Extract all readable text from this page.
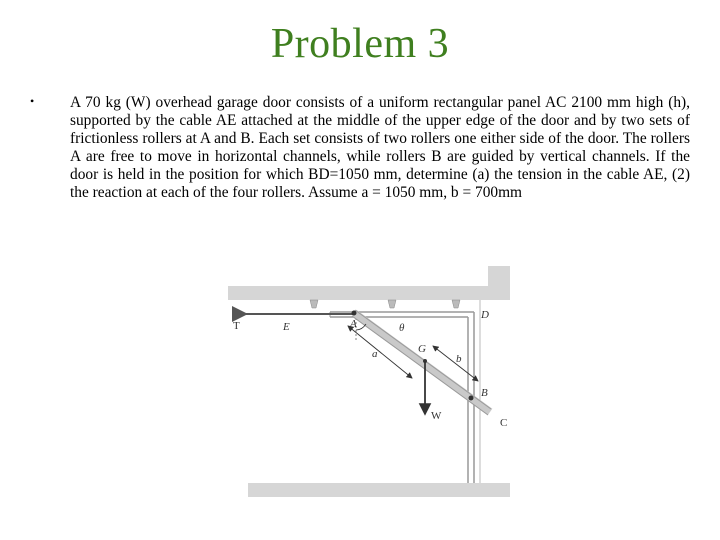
Problem 3
• A 70 kg (W) overhead garage door consists of a uniform rectangular panel AC 2100 mm high (h), supported by the cable AE attached at the middle of the upper edge of the door and by two sets of frictionless rollers at A and B. Each set consists of two rollers one either side of the door. The rollers A are free to move in horizontal channels, while rollers B are guided by vertical channels. If the door is held in the position for which BD=1050 mm, determine (a) the tension in the cable AE, (2) the reaction at each of the four rollers. Assume a = 1050 mm, b = 700mm
T	E	A	θ
D
a	G
b
B
W
C
